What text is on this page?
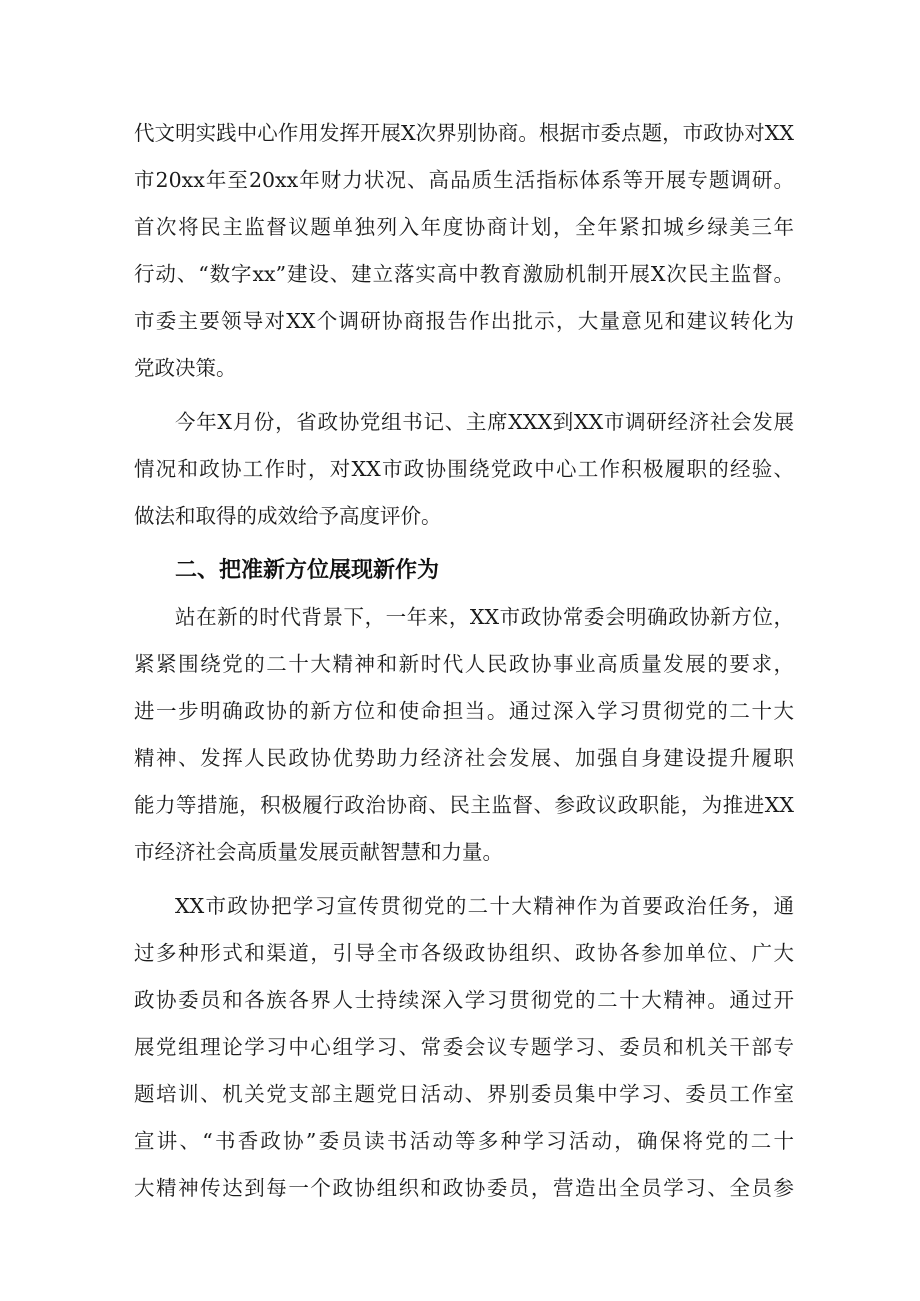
代文明实践中心作用发挥开展X次界别协商。根据市委点题，市政协对XX
市20xx年至20xx年财力状况、高品质生活指标体系等开展专题调研。
首次将民主监督议题单独列入年度协商计划，全年紧扣城乡绿美三年
行动、“数字xx”建设、建立落实高中教育激励机制开展X次民主监督。
市委主要领导对XX个调研协商报告作出批示，大量意见和建议转化为
党政决策。
今年X月份，省政协党组书记、主席XXX到XX市调研经济社会发展
情况和政协工作时，对XX市政协围绕党政中心工作积极履职的经验、
做法和取得的成效给予高度评价。
二、把准新方位展现新作为
站在新的时代背景下，一年来，XX市政协常委会明确政协新方位，
紧紧围绕党的二十大精神和新时代人民政协事业高质量发展的要求，
进一步明确政协的新方位和使命担当。通过深入学习贯彻党的二十大
精神、发挥人民政协优势助力经济社会发展、加强自身建设提升履职
能力等措施，积极履行政治协商、民主监督、参政议政职能，为推进XX
市经济社会高质量发展贡献智慧和力量。
XX市政协把学习宣传贯彻党的二十大精神作为首要政治任务，通
过多种形式和渠道，引导全市各级政协组织、政协各参加单位、广大
政协委员和各族各界人士持续深入学习贯彻党的二十大精神。通过开
展党组理论学习中心组学习、常委会议专题学习、委员和机关干部专
题培训、机关党支部主题党日活动、界别委员集中学习、委员工作室
宣讲、“书香政协”委员读书活动等多种学习活动，确保将党的二十
大精神传达到每一个政协组织和政协委员，营造出全员学习、全员参
